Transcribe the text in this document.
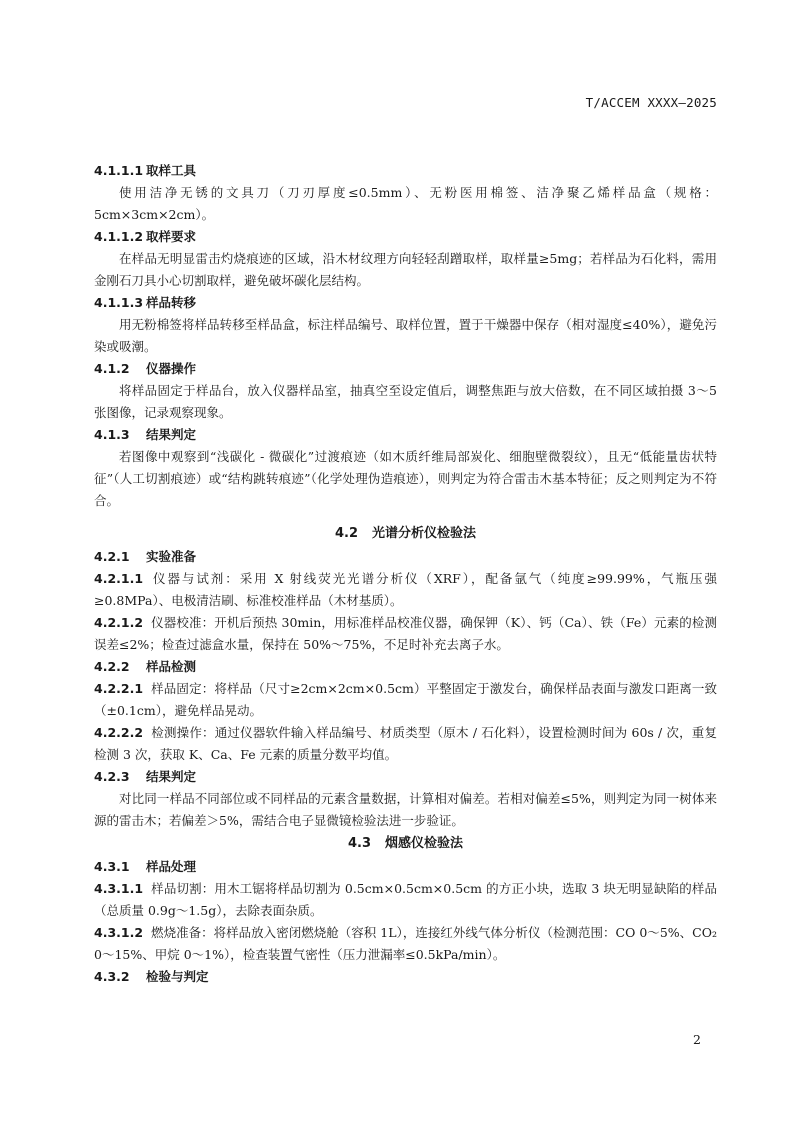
T/ACCEM XXXX—2025
4.1.1.1 取样工具

使用洁净无锈的文具刀（刀刃厚度≤0.5mm）、无粉医用棉签、洁净聚乙烯样品盒（规格：5cm×3cm×2cm）。

4.1.1.2 取样要求

在样品无明显雷击灼烧痕迹的区域，沿木材纹理方向轻轻刮蹭取样，取样量≥5mg；若样品为石化料，需用金刚石刀具小心切割取样，避免破坏碳化层结构。

4.1.1.3 样品转移

用无粉棉签将样品转移至样品盒，标注样品编号、取样位置，置于干燥器中保存（相对湿度≤40%），避免污染或吸潮。

4.1.2 仪器操作

将样品固定于样品台，放入仪器样品室，抽真空至设定值后，调整焦距与放大倍数，在不同区域拍摄 3～5 张图像，记录观察现象。

4.1.3 结果判定

若图像中观察到“浅碳化 - 微碳化”过渡痕迹（如木质纤维局部炭化、细胞壁微裂纹），且无“低能量齿状特征”（人工切割痕迹）或“结构跳转痕迹”（化学处理伪造痕迹），则判定为符合雷击木基本特征；反之则判定为不符合。

4.2 光谱分析仪检验法
4.2.1 实验准备

4.2.1.1 仪器与试剂：采用 X 射线荧光光谱分析仪（XRF），配备氩气（纯度≥99.99%，气瓶压强≥0.8MPa）、电极清洁刷、标准校准样品（木材基质）。

4.2.1.2 仪器校准：开机后预热 30min，用标准样品校准仪器，确保钾（K）、钙（Ca）、铁（Fe）元素的检测误差≤2%；检查过滤盒水量，保持在 50%～75%，不足时补充去离子水。

4.2.2 样品检测

4.2.2.1 样品固定：将样品（尺寸≥2cm×2cm×0.5cm）平整固定于激发台，确保样品表面与激发口距离一致（±0.1cm），避免样品晃动。

4.2.2.2 检测操作：通过仪器软件输入样品编号、材质类型（原木 / 石化料），设置检测时间为 60s / 次，重复检测 3 次，获取 K、Ca、Fe 元素的质量分数平均值。

4.2.3 结果判定

对比同一样品不同部位或不同样品的元素含量数据，计算相对偏差。若相对偏差≤5%，则判定为同一树体来源的雷击木；若偏差＞5%，需结合电子显微镜检验法进一步验证。

4.3 烟感仪检验法
4.3.1 样品处理

4.3.1.1 样品切割：用木工锯将样品切割为 0.5cm×0.5cm×0.5cm 的方正小块，选取 3 块无明显缺陷的样品（总质量 0.9g～1.5g），去除表面杂质。

4.3.1.2 燃烧准备：将样品放入密闭燃烧舱（容积 1L），连接红外线气体分析仪（检测范围：CO 0～5%、CO₂ 0～15%、甲烷 0～1%），检查装置气密性（压力泄漏率≤0.5kPa/min）。

4.3.2 检验与判定
2
